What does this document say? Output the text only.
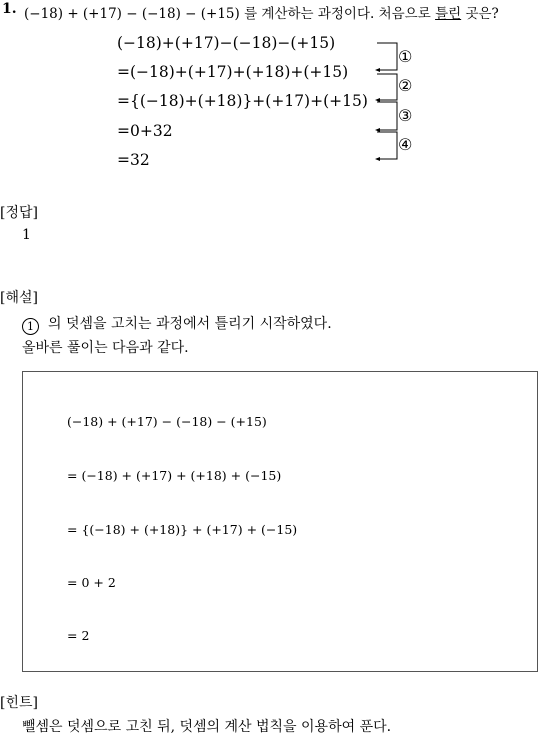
1. (−18) + (+17) − (−18) − (+15) 를 계산하는 과정이다. 처음으로 틀린 곳은?
(−18)+(+17)−(−18)−(+15)
=(−18)+(+17)+(+18)+(+15)
={(−18)+(+18)}+(+17)+(+15)
=0+32
=32
①
②
③
④
[정답]
1
[해설]
1 의 덧셈을 고치는 과정에서 틀리기 시작하였다.
올바른 풀이는 다음과 같다.
(−18) + (+17) − (−18) − (+15)
= (−18) + (+17) + (+18) + (−15)
= {(−18) + (+18)} + (+17) + (−15)
= 0 + 2
= 2
[힌트]
뺄셈은 덧셈으로 고친 뒤, 덧셈의 계산 법칙을 이용하여 푼다.
